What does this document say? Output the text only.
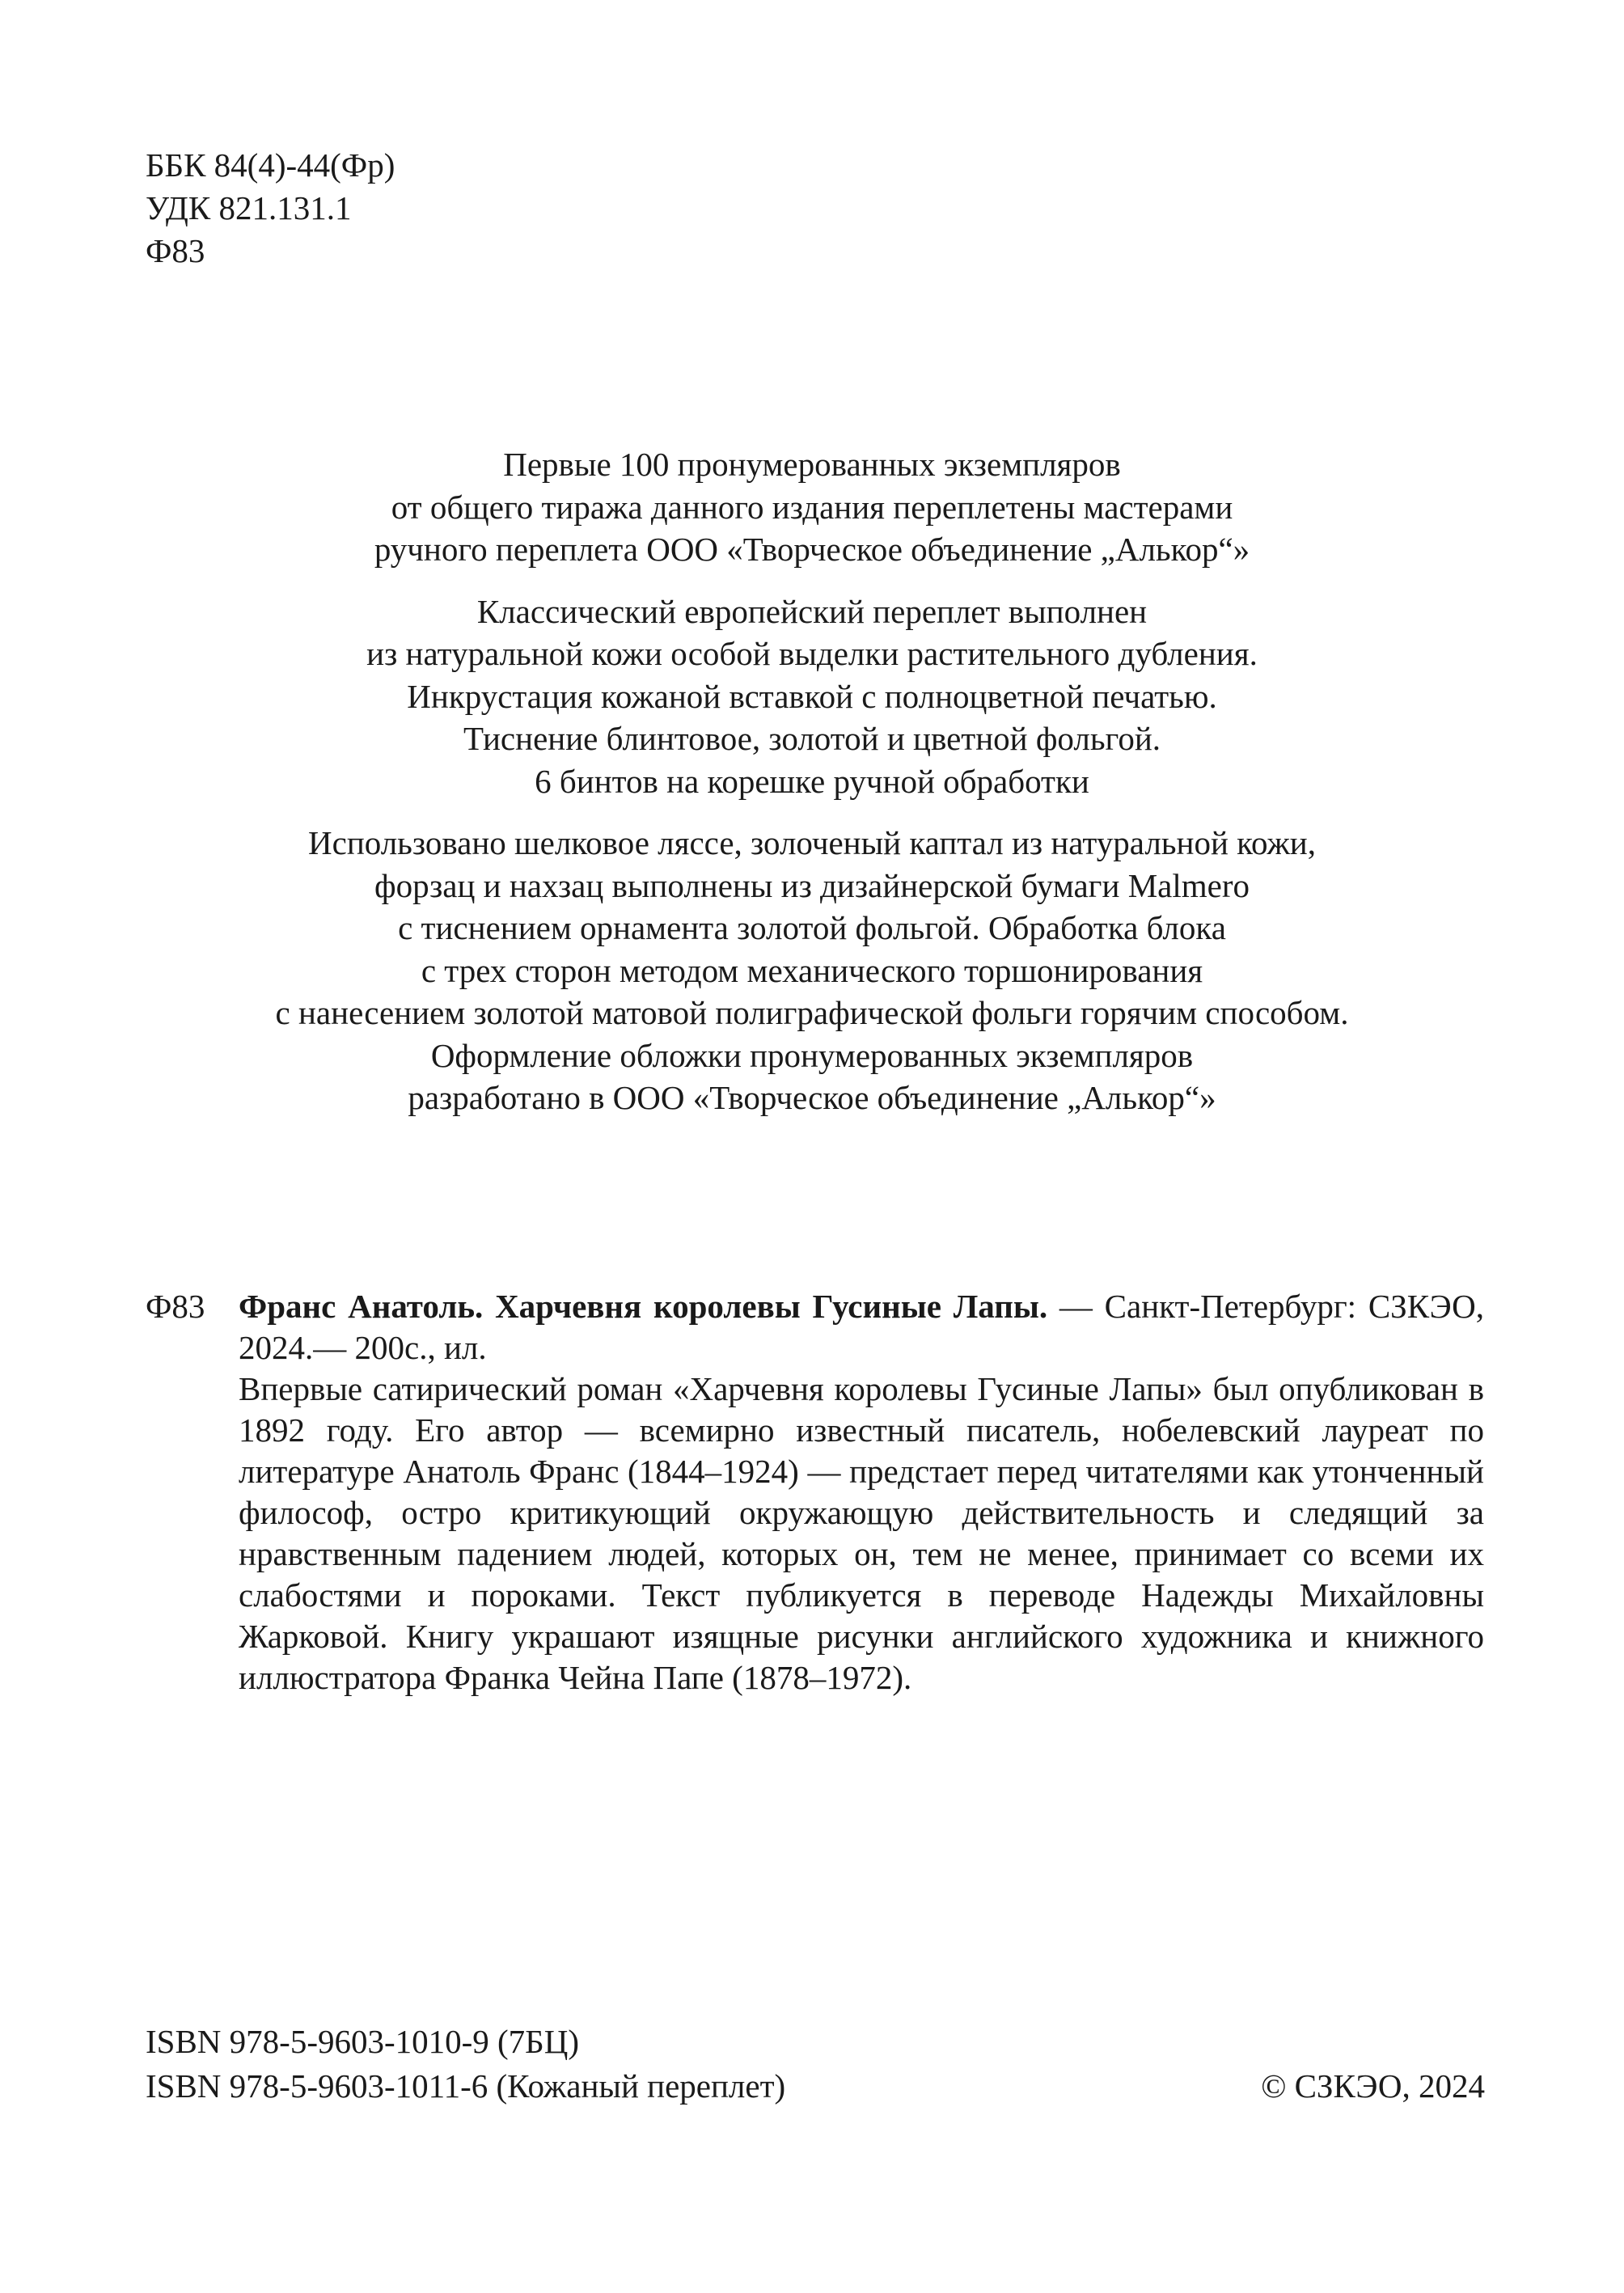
ББК 84(4)-44(Фр)
УДК 821.131.1
Ф83
Первые 100 пронумерованных экземпляров
от общего тиража данного издания переплетены мастерами
ручного переплета ООО «Творческое объединение „Алькор“»
Классический европейский переплет выполнен
из натуральной кожи особой выделки растительного дубления.
Инкрустация кожаной вставкой с полноцветной печатью.
Тиснение блинтовое, золотой и цветной фольгой.
6 бинтов на корешке ручной обработки
Использовано шелковое ляссе, золоченый каптал из натуральной кожи,
форзац и нахзац выполнены из дизайнерской бумаги Malmero
с тиснением орнамента золотой фольгой. Обработка блока
с трех сторон методом механического торшонирования
с нанесением золотой матовой полиграфической фольги горячим способом.
Оформление обложки пронумерованных экземпляров
разработано в ООО «Творческое объединение „Алькор“»
Ф83 Франс Анатоль. Харчевня королевы Гусиные Лапы. — Санкт-Петербург: СЗКЭО, 2024.— 200с., ил.
Впервые сатирический роман «Харчевня королевы Гусиные Лапы» был опубликован в 1892 году. Его автор — всемирно известный писатель, нобелевский лауреат по литературе Анатоль Франс (1844–1924) — предстает перед читателями как утонченный философ, остро критикующий окружающую действительность и следящий за нравственным падением людей, которых он, тем не менее, принимает со всеми их слабостями и пороками. Текст публикуется в переводе Надежды Михайловны Жарковой. Книгу украшают изящные рисунки английского художника и книжного иллюстратора Франка Чейна Папе (1878–1972).
ISBN 978-5-9603-1010-9 (7БЦ)
ISBN 978-5-9603-1011-6 (Кожаный переплет)	© СЗКЭО, 2024
